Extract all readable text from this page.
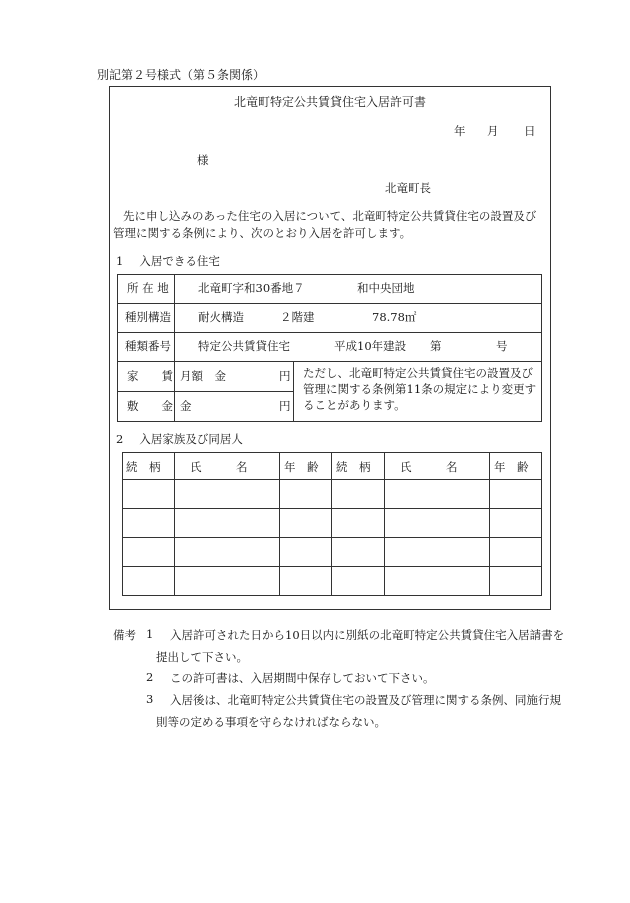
別記第２号様式（第５条関係）
北竜町特定公共賃貸住宅入居許可書
年 月 日
様
北竜町長
先に申し込みのあった住宅の入居について、北竜町特定公共賃貸住宅の設置及び
管理に関する条例により、次のとおり入居を許可します。
1 入居できる住宅
所 在 地	北竜町字和30番地７	和中央団地
種別構造 耐火構造	２階建	78.78㎡
種類番号 特定公共賃貸住宅	平成10年建設 第	号
家　　賃 月額　金	円
敷　　金 金	円
ただし、北竜町特定公共賃貸住宅の設置及び
管理に関する条例第11条の規定により変更す
ることがあります。
2 入居家族及び同居人
続　柄	氏　　　名	年　齢 続　柄	氏　　　名	年　齢
備考 1 入居許可された日から10日以内に別紙の北竜町特定公共賃貸住宅入居請書を
提出して下さい。
2 この許可書は、入居期間中保存しておいて下さい。
3 入居後は、北竜町特定公共賃貸住宅の設置及び管理に関する条例、同施行規
則等の定める事項を守らなければならない。
